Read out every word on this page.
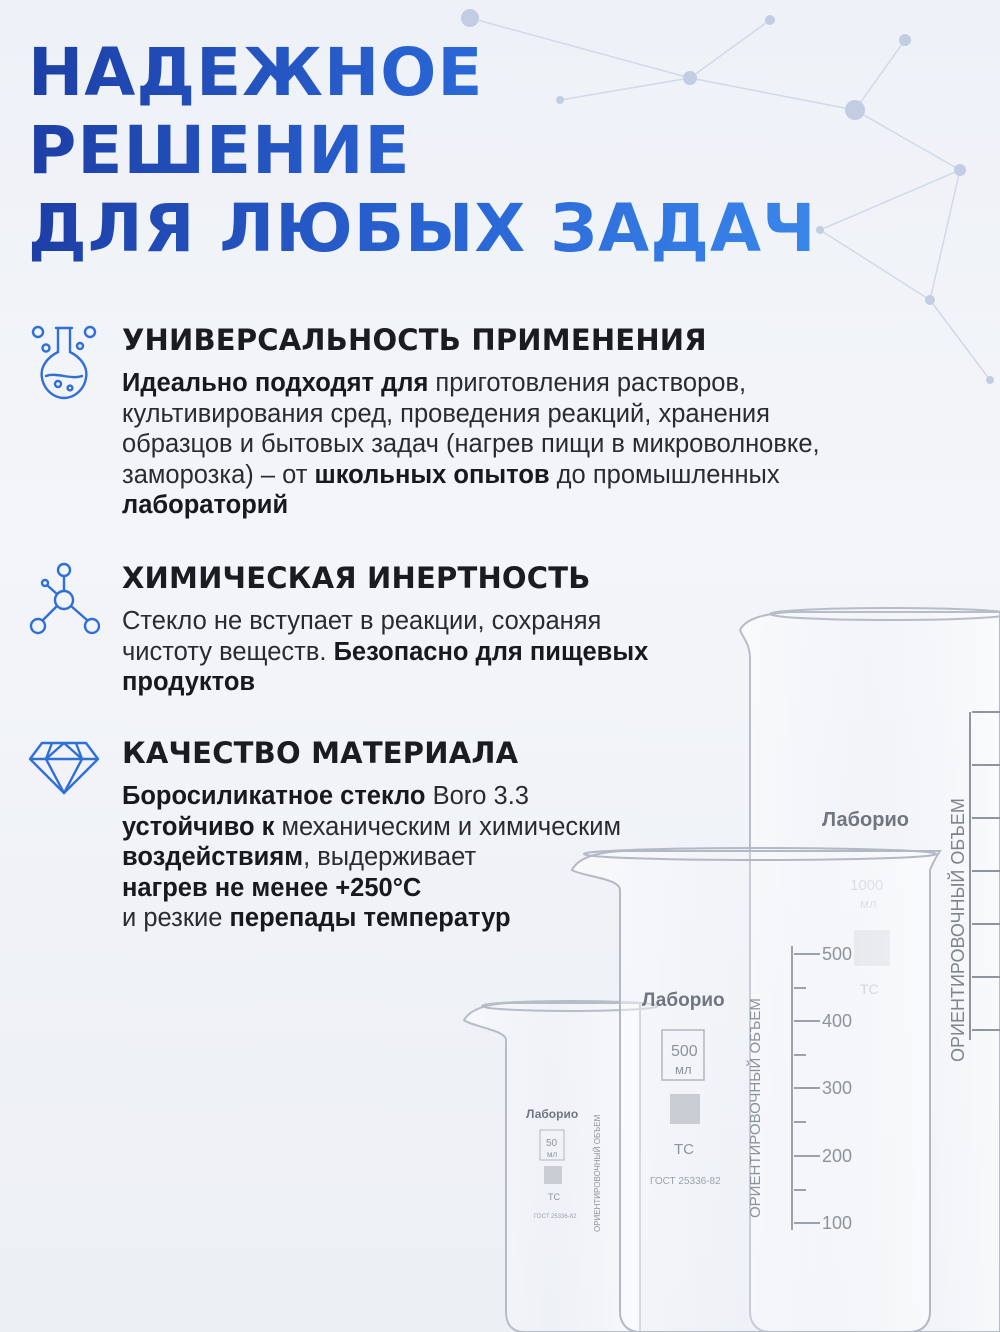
НАДЕЖНОЕ
РЕШЕНИЕ
ДЛЯ ЛЮБЫХ ЗАДАЧ
УНИВЕРСАЛЬНОСТЬ ПРИМЕНЕНИЯ

Идеально подходят для приготовления растворов, культивирования сред, проведения реакций, хранения образцов и бытовых задач (нагрев пищи в микроволновке, заморозка) – от школьных опытов до промышленных лабораторий

ХИМИЧЕСКАЯ ИНЕРТНОСТЬ

Стекло не вступает в реакции, сохраняя чистоту веществ. Безопасно для пищевых продуктов

КАЧЕСТВО МАТЕРИАЛА

Боросиликатное стекло Boro 3.3
устойчиво к механическим и химическим
воздействиям, выдерживает
нагрев не менее +250°C
и резкие перепады температур

Лаборио ОРИЕНТИРОВОЧНЫЙ ОБЪЕМ
Лаборио
50
мл
ТС
ГОСТ 25336-82 ОРИЕНТИРОВОЧНЫЙ ОБЪЕМ
500
400
300
200
100
Лаборио ОРИЕНТИРОВОЧНЫЙ ОБЪЕМ
500
мл
ТС
ГОСТ 25336-82
